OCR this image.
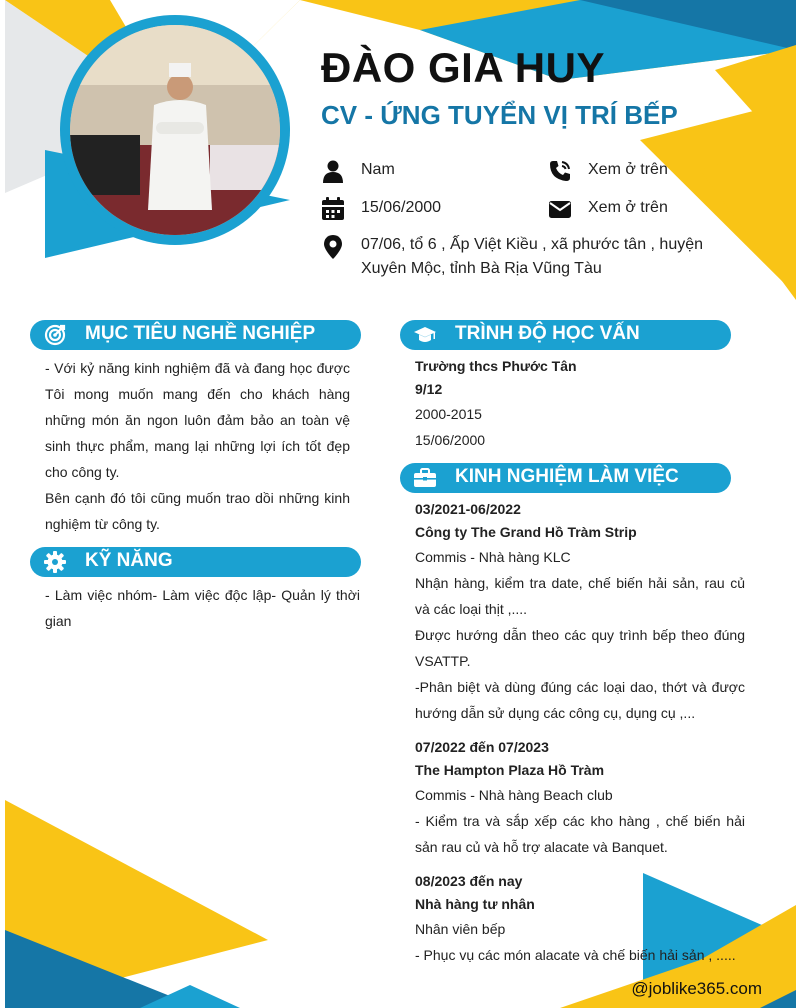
ĐÀO GIA HUY
CV - ỨNG TUYỂN VỊ TRÍ BẾP
Nam
15/06/2000
07/06, tổ 6 , Ấp Việt Kiều , xã phước tân , huyện Xuyên Mộc, tỉnh Bà Rịa Vũng Tàu
Xem ở trên
Xem ở trên
MỤC TIÊU NGHỀ NGHIỆP

- Với kỷ năng kinh nghiệm đã và đang học được Tôi mong muốn mang đến cho khách hàng những món ăn ngon luôn đảm bảo an toàn vệ sinh thực phẩm, mang lại những lợi ích tốt đẹp cho công ty.

Bên cạnh đó tôi cũng muốn trao dồi những kinh nghiệm từ công ty.

KỸ NĂNG

- Làm việc nhóm- Làm việc độc lập- Quản lý thời gian

TRÌNH ĐỘ HỌC VẤN
Trường thcs Phước Tân
9/12
2000-2015
15/06/2000
KINH NGHIỆM LÀM VIỆC
03/2021-06/2022
Công ty The Grand Hồ Tràm Strip
Commis - Nhà hàng KLC
Nhận hàng, kiểm tra date, chế biến hải sản, rau củ và các loại thịt ,....
Được hướng dẫn theo các quy trình bếp theo đúng VSATTP.
-Phân biệt và dùng đúng các loại dao, thớt và được hướng dẫn sử dụng các công cụ, dụng cụ ,...
07/2022 đến 07/2023
The Hampton Plaza Hồ Tràm
Commis - Nhà hàng Beach club
- Kiểm tra và sắp xếp các kho hàng , chế biến hải sản rau củ và hỗ trợ alacate và Banquet.
08/2023 đến nay
Nhà hàng tư nhân
Nhân viên bếp
- Phục vụ các món alacate và chế biến hải sản , .....
@joblike365.com
